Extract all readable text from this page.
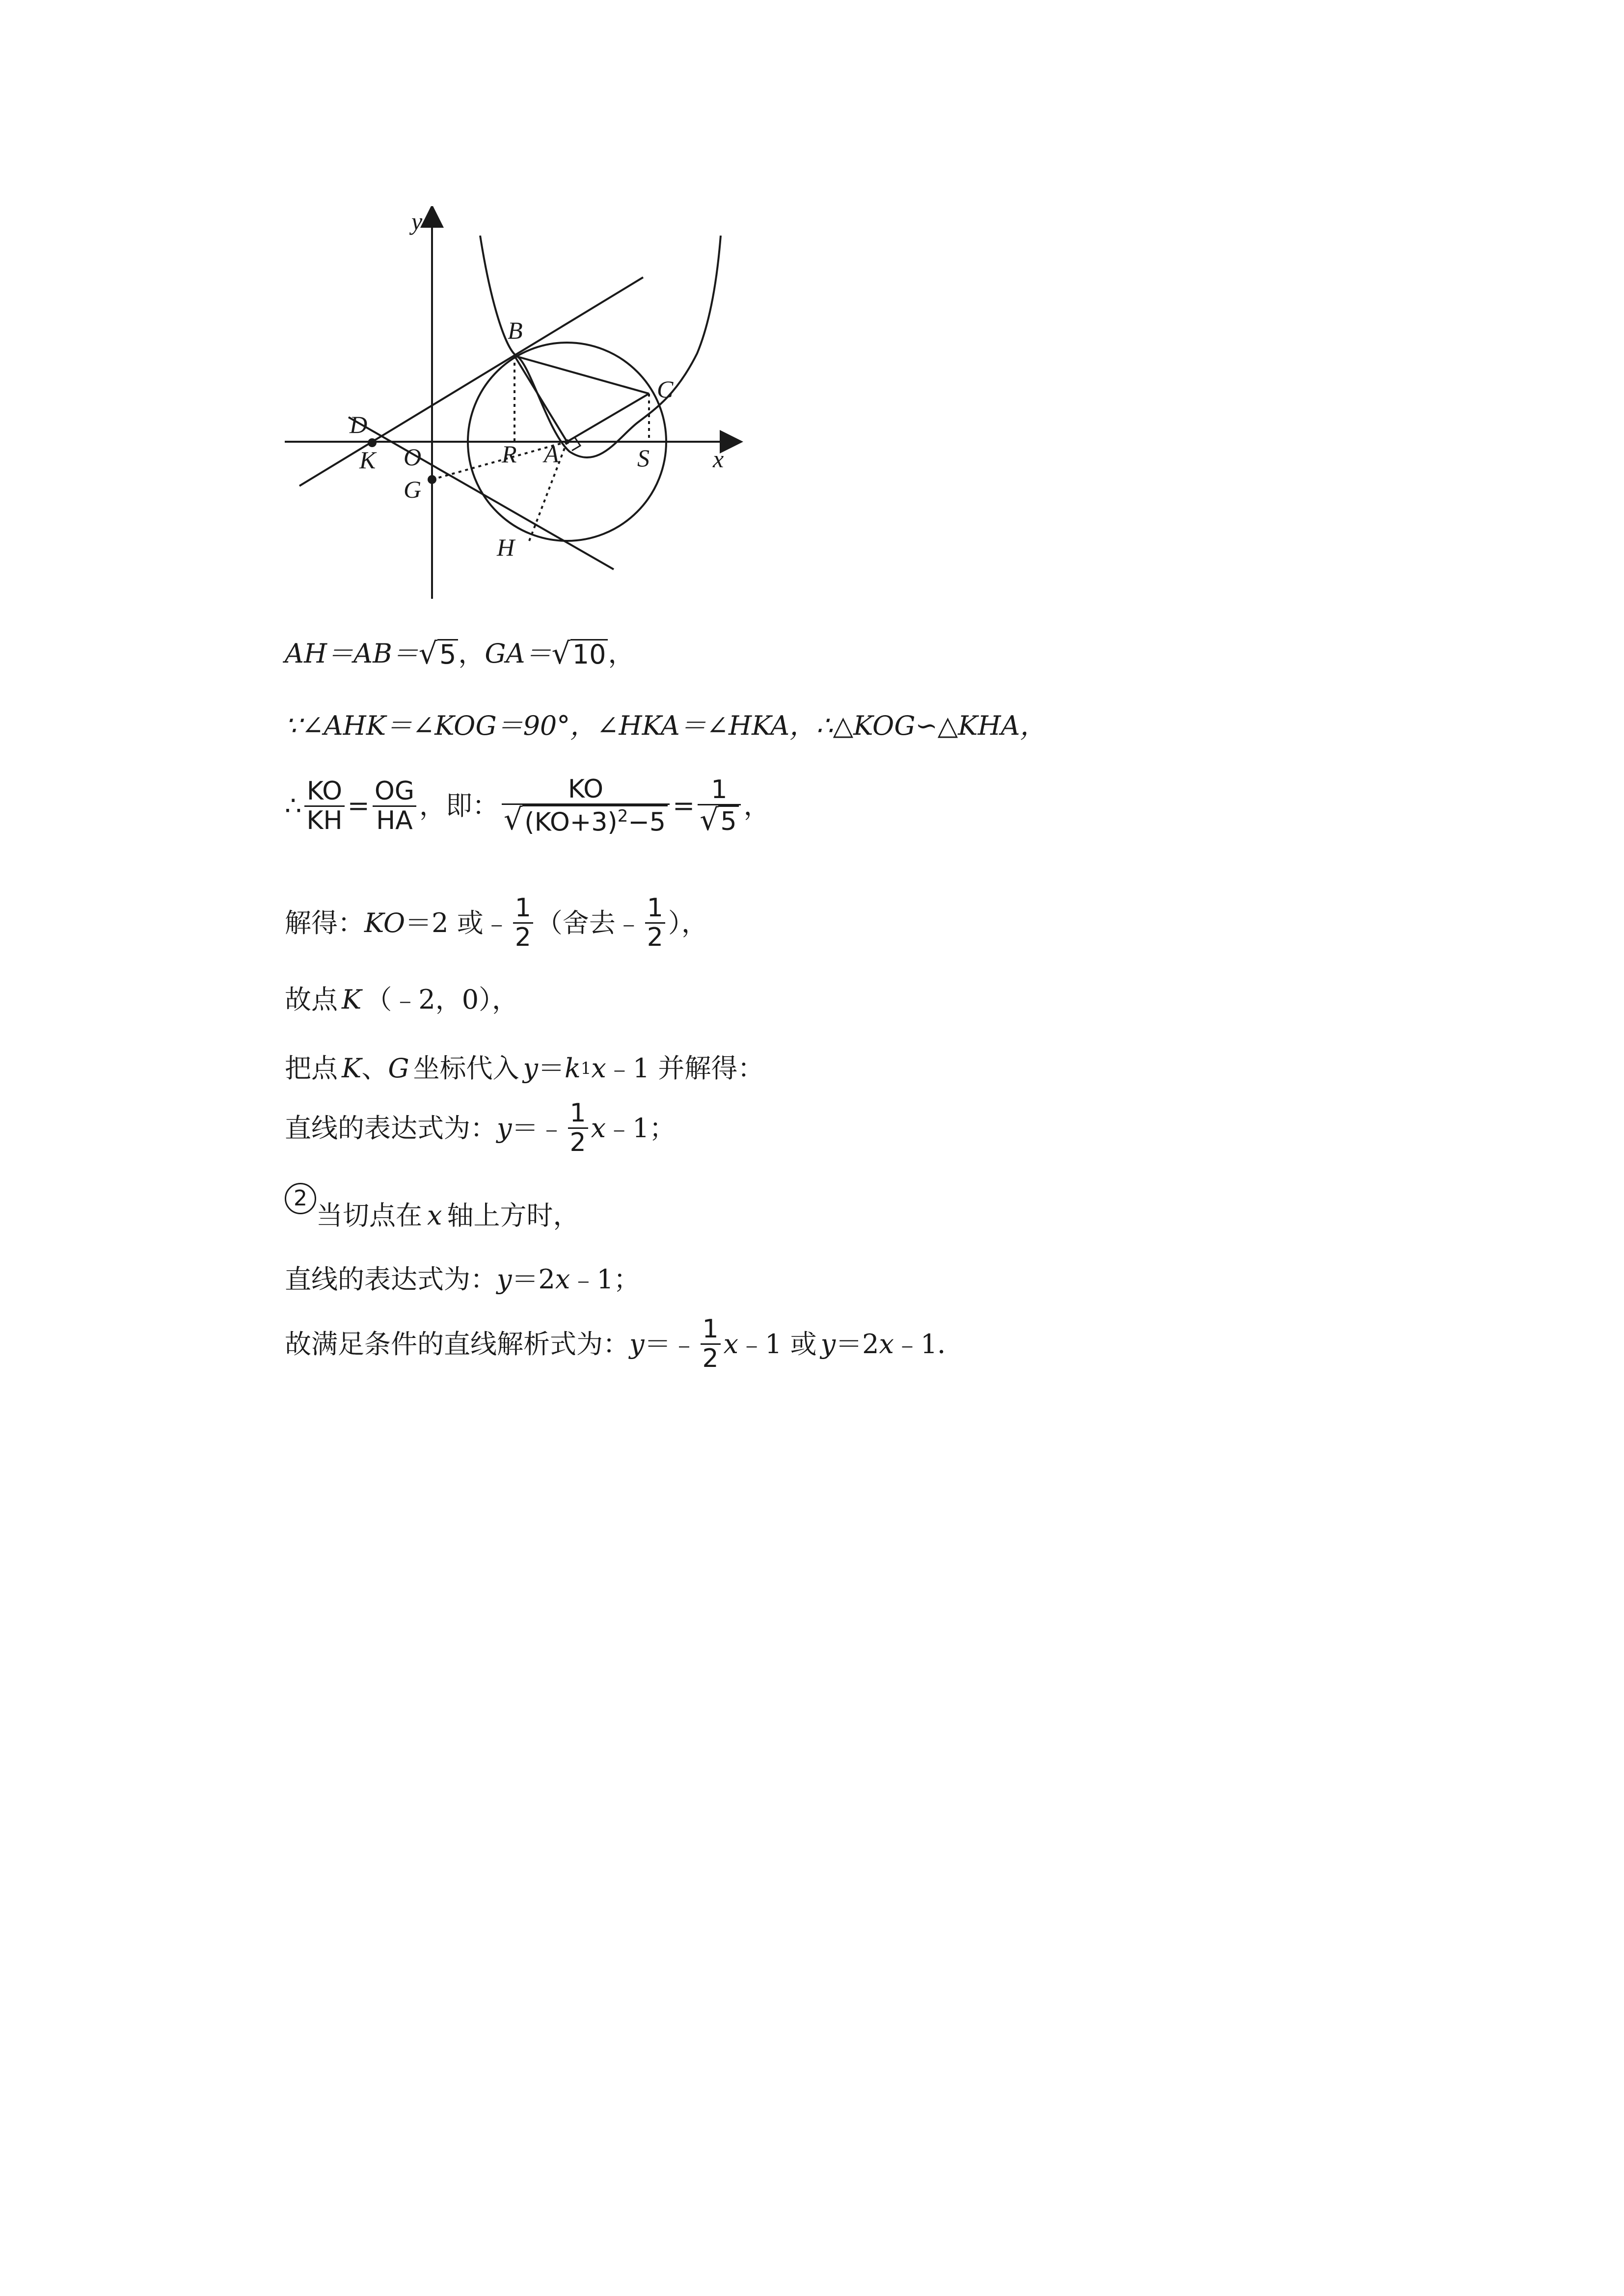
y
x
B
C
D
K O
G
R A	S
H
AH＝AB＝ √ 5 ， GA＝ √ 10 ，
∵∠AHK＝∠KOG＝90°，∠HKA＝∠HKA，∴△KOG∽△KHA，
∴ $\frac{KO}{KH} = \frac{OG}{HA}$ ，即： $\frac{KO}{√ (KO+3)^2-5} = \frac{1}{√ 5}$ ，
解得： KO ＝2 或﹣ $\frac{1}{2}$ （舍去﹣ $\frac{1}{2}$ ），
故点 K （﹣2，0），
把点 K 、 G 坐标代入 y ＝ k 1 x ﹣1 并解得：
直线的表达式为： y ＝﹣ $\frac{1}{2}$ x ﹣1；
2
当切点在 x 轴上方时，
直线的表达式为： y ＝2 x ﹣1；
故满足条件的直线解析式为： y ＝﹣ $\frac{1}{2}$ x ﹣1 或 y ＝2 x ﹣1．
